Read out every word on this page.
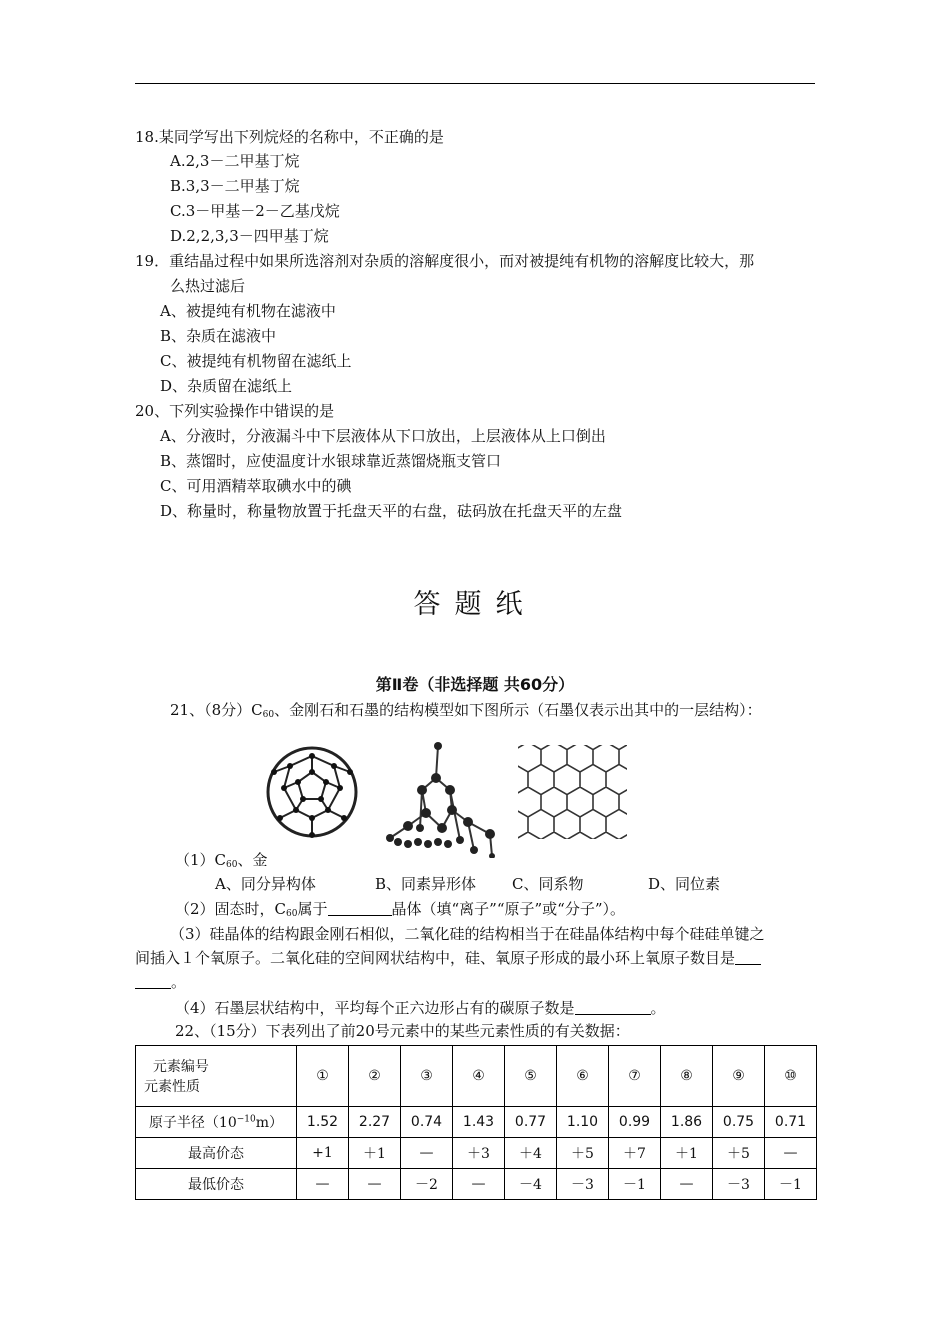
18.某同学写出下列烷烃的名称中，不正确的是
A.2,3－二甲基丁烷
B.3,3－二甲基丁烷
C.3－甲基－2－乙基戊烷
D.2,2,3,3－四甲基丁烷
19．重结晶过程中如果所选溶剂对杂质的溶解度很小，而对被提纯有机物的溶解度比较大，那
么热过滤后
A、被提纯有机物在滤液中
B、杂质在滤液中
C、被提纯有机物留在滤纸上
D、杂质留在滤纸上
20、下列实验操作中错误的是
A、分液时，分液漏斗中下层液体从下口放出，上层液体从上口倒出
B、蒸馏时，应使温度计水银球靠近蒸馏烧瓶支管口
C、可用酒精萃取碘水中的碘
D、称量时，称量物放置于托盘天平的右盘，砝码放在托盘天平的左盘
答题纸
第Ⅱ卷（非选择题 共60分）
21、（8分）$C_{60}$、金刚石和石墨的结构模型如下图所示（石墨仅表示出其中的一层结构）：
$(1)C_{60}$、金
A、同分异构体	B、同素异形体 C、同系物	D、同位素
（2）固态时，$C_{60}$属于	晶体（填“离子”“原子”或“分子”）。
（3）硅晶体的结构跟金刚石相似，二氧化硅的结构相当于在硅晶体结构中每个硅硅单键之
间插入１个氧原子。二氧化硅的空间网状结构中，硅、氧原子形成的最小环上氧原子数目是
。
（4）石墨层状结构中，平均每个正六边形占有的碳原子数是	。
22、（15分）下表列出了前20号元素中的某些元素性质的有关数据：
元素编号
元素性质	①	②	③	④	⑤	⑥	⑦	⑧	⑨	⑩
原子半径$(10^{-10}m)$	1.52	2.27	0.74	1.43	0.77	1.10	0.99	1.86	0.75	0.71
最高价态	+1	＋1	—	＋3	＋4	＋5	＋7	＋1	＋5	—
最低价态	—	—	－2	—	－4	－3	－1	—	－3	－1
